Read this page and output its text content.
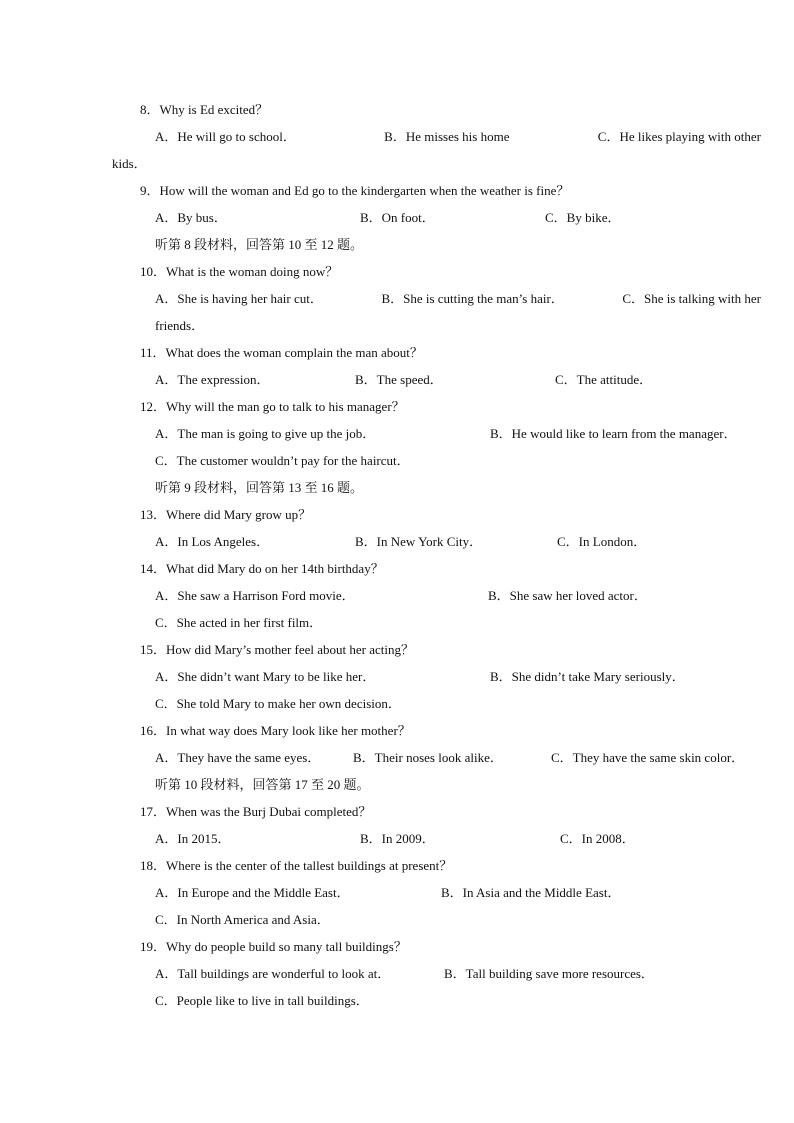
8．Why is Ed excited？
A．He will go to school．	B．He misses his home	C．He likes playing with other
kids．
9．How will the woman and Ed go to the kindergarten when the weather is fine？
A．By bus．	B．On foot．	C．By bike．
听第 8 段材料，回答第 10 至 12 题。
10．What is the woman doing now？
A．She is having her hair cut．	B．She is cutting the man’s hair．	C．She is talking with her
friends．
11．What does the woman complain the man about？
A．The expression．	B．The speed．	C．The attitude．
12．Why will the man go to talk to his manager？
A．The man is going to give up the job．	B．He would like to learn from the manager．
C．The customer wouldn’t pay for the haircut．
听第 9 段材料，回答第 13 至 16 题。
13．Where did Mary grow up？
A．In Los Angeles．	B．In New York City．	C．In London．
14．What did Mary do on her 14th birthday？
A．She saw a Harrison Ford movie．	B．She saw her loved actor．
C．She acted in her first film．
15．How did Mary’s mother feel about her acting？
A．She didn’t want Mary to be like her．	B．She didn’t take Mary seriously．
C．She told Mary to make her own decision．
16．In what way does Mary look like her mother？
A．They have the same eyes．	B．Their noses look alike．	C．They have the same skin color．
听第 10 段材料，回答第 17 至 20 题。
17．When was the Burj Dubai completed？
A．In 2015．	B．In 2009．	C．In 2008．
18．Where is the center of the tallest buildings at present？
A．In Europe and the Middle East．	B．In Asia and the Middle East．
C．In North America and Asia．
19．Why do people build so many tall buildings？
A．Tall buildings are wonderful to look at．	B．Tall building save more resources．
C．People like to live in tall buildings．
